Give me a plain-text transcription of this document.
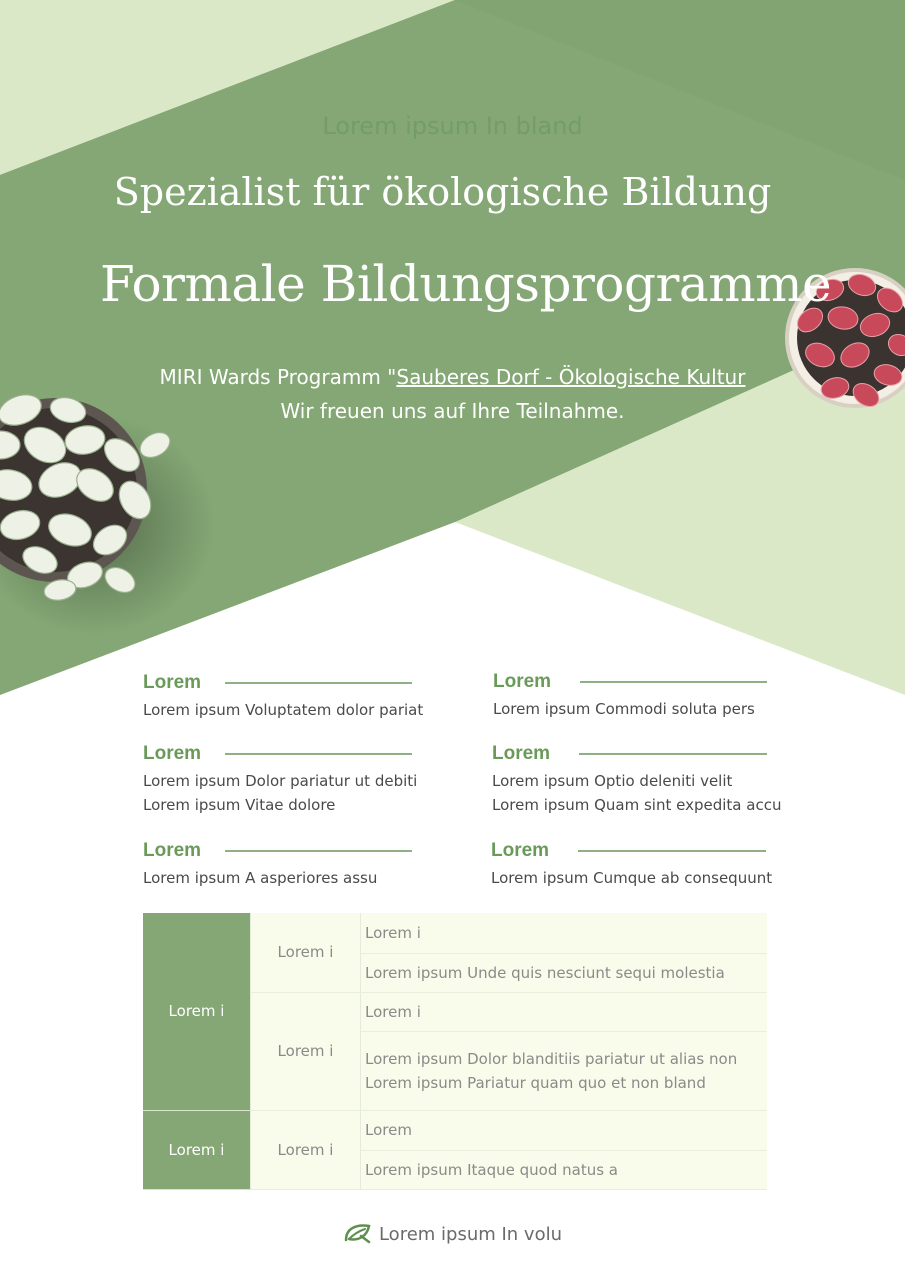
Lorem ipsum In bland
Spezialist für ökologische Bildung
Formale Bildungsprogramme
MIRI Wards Programm "Sauberes Dorf - Ökologische Kultur
Wir freuen uns auf Ihre Teilnahme.
Lorem
Lorem ipsum Voluptatem dolor pariat
Lorem
Lorem ipsum Commodi soluta pers
Lorem
Lorem ipsum Dolor pariatur ut debiti
Lorem ipsum Vitae dolore
Lorem
Lorem ipsum Optio deleniti velit
Lorem ipsum Quam sint expedita accu
Lorem
Lorem ipsum A asperiores assu
Lorem
Lorem ipsum Cumque ab consequunt
Lorem i	Lorem i	Lorem i
		Lorem ipsum Unde quis nesciunt sequi molestia
	Lorem i	Lorem i

		Lorem ipsum Dolor blanditiis pariatur ut alias non
Lorem ipsum Pariatur quam quo et non bland

Lorem i	Lorem i	Lorem
		Lorem ipsum Itaque quod natus a
Lorem ipsum In volu
